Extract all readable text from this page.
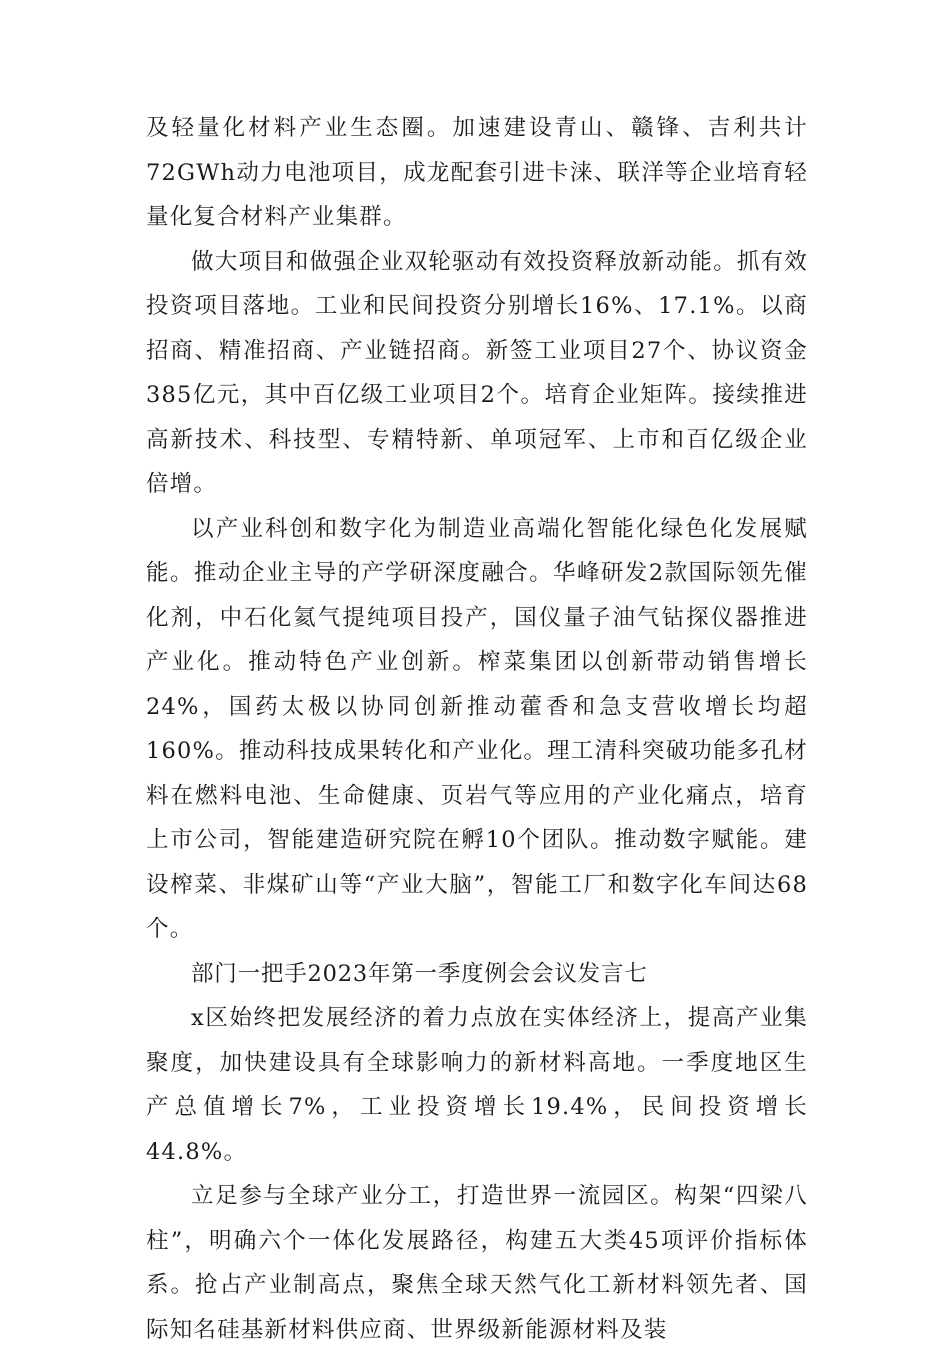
及轻量化材料产业生态圈。加速建设青山、赣锋、吉利共计72GWh动力电池项目，成龙配套引进卡涞、联洋等企业培育轻量化复合材料产业集群。

做大项目和做强企业双轮驱动有效投资释放新动能。抓有效投资项目落地。工业和民间投资分别增长16%、17.1%。以商招商、精准招商、产业链招商。新签工业项目27个、协议资金385亿元，其中百亿级工业项目2个。培育企业矩阵。接续推进高新技术、科技型、专精特新、单项冠军、上市和百亿级企业倍增。

以产业科创和数字化为制造业高端化智能化绿色化发展赋能。推动企业主导的产学研深度融合。华峰研发2款国际领先催化剂，中石化氦气提纯项目投产，国仪量子油气钻探仪器推进产业化。推动特色产业创新。榨菜集团以创新带动销售增长24%，国药太极以协同创新推动藿香和急支营收增长均超160%。推动科技成果转化和产业化。理工清科突破功能多孔材料在燃料电池、生命健康、页岩气等应用的产业化痛点，培育上市公司，智能建造研究院在孵10个团队。推动数字赋能。建设榨菜、非煤矿山等“产业大脑”，智能工厂和数字化车间达68个。

部门一把手2023年第一季度例会会议发言七

x区始终把发展经济的着力点放在实体经济上，提高产业集聚度，加快建设具有全球影响力的新材料高地。一季度地区生产总值增长7%，工业投资增长19.4%，民间投资增长44.8%。

立足参与全球产业分工，打造世界一流园区。构架“四梁八柱”，明确六个一体化发展路径，构建五大类45项评价指标体系。抢占产业制高点，聚焦全球天然气化工新材料领先者、国际知名硅基新材料供应商、世界级新能源材料及装
